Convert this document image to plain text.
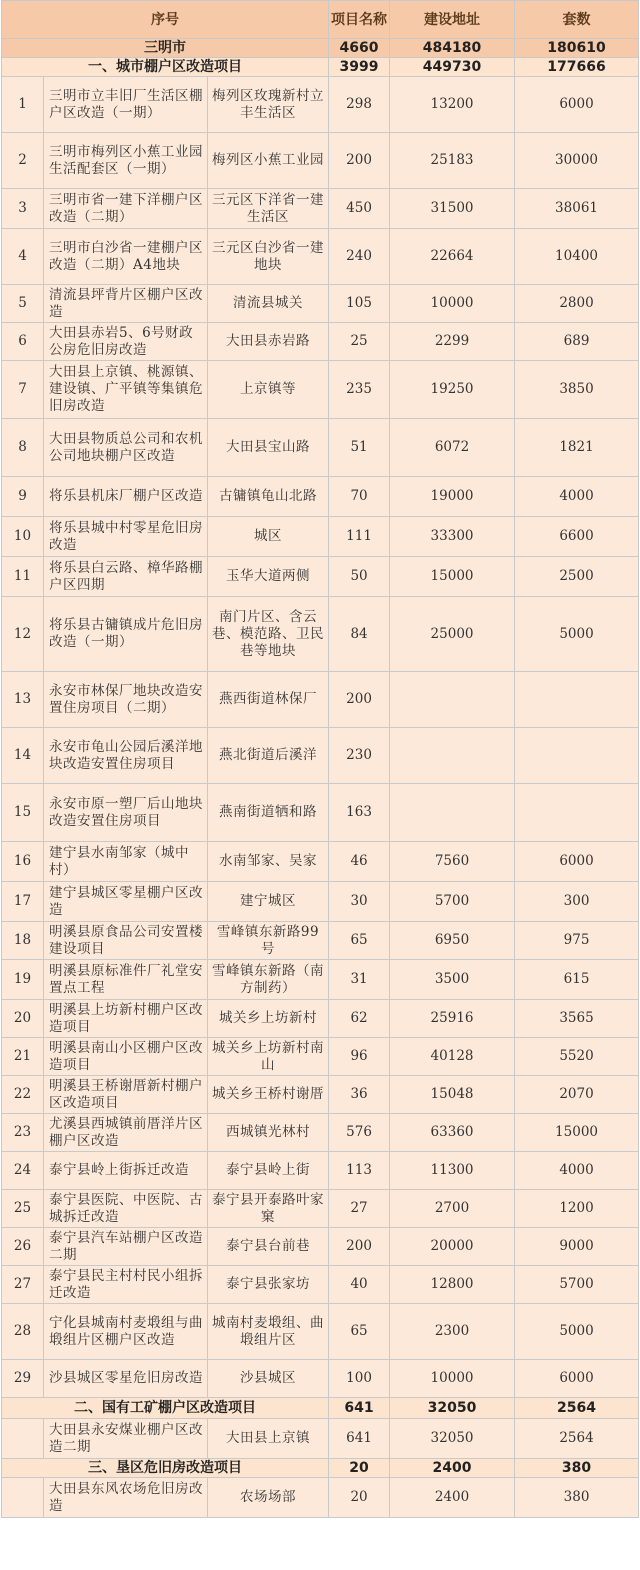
序号			项目名称	建设地址	套数
三明市			4660	484180	180610
一、城市棚户区改造项目			3999	449730	177666
1	三明市立丰旧厂生活区棚户区改造（一期）	梅列区玫瑰新村立丰生活区	298	13200	6000
2	三明市梅列区小蕉工业园生活配套区（一期）	梅列区小蕉工业园	200	25183	30000
3	三明市省一建下洋棚户区改造（二期）	三元区下洋省一建生活区	450	31500	38061
4	三明市白沙省一建棚户区改造（二期）A4地块	三元区白沙省一建地块	240	22664	10400
5	清流县坪背片区棚户区改造	清流县城关	105	10000	2800
6	大田县赤岩5、6号财政公房危旧房改造	大田县赤岩路	25	2299	689
7	大田县上京镇、桃源镇、建设镇、广平镇等集镇危旧房改造	上京镇等	235	19250	3850
8	大田县物质总公司和农机公司地块棚户区改造	大田县宝山路	51	6072	1821
9	将乐县机床厂棚户区改造	古镛镇龟山北路	70	19000	4000
10	将乐县城中村零星危旧房改造	城区	111	33300	6600
11	将乐县白云路、樟华路棚户区四期	玉华大道两侧	50	15000	2500
12	将乐县古镛镇成片危旧房改造（一期）	南门片区、含云巷、模范路、卫民巷等地块	84	25000	5000
13	永安市林保厂地块改造安置住房项目（二期）	燕西街道林保厂	200		
14	永安市龟山公园后溪洋地块改造安置住房项目	燕北街道后溪洋	230		
15	永安市原一塑厂后山地块改造安置住房项目	燕南街道牺和路	163		
16	建宁县水南邹家（城中村）	水南邹家、吴家	46	7560	6000
17	建宁县城区零星棚户区改造	建宁城区	30	5700	300
18	明溪县原食品公司安置楼建设项目	雪峰镇东新路99号	65	6950	975
19	明溪县原标准件厂礼堂安置点工程	雪峰镇东新路（南方制药）	31	3500	615
20	明溪县上坊新村棚户区改造项目	城关乡上坊新村	62	25916	3565
21	明溪县南山小区棚户区改造项目	城关乡上坊新村南山	96	40128	5520
22	明溪县王桥谢厝新村棚户区改造项目	城关乡王桥村谢厝	36	15048	2070
23	尤溪县西城镇前厝洋片区棚户区改造	西城镇光林村	576	63360	15000
24	泰宁县岭上街拆迁改造	泰宁县岭上街	113	11300	4000
25	泰宁县医院、中医院、古城拆迁改造	泰宁县开泰路叶家窠	27	2700	1200
26	泰宁县汽车站棚户区改造二期	泰宁县台前巷	200	20000	9000
27	泰宁县民主村村民小组拆迁改造	泰宁县张家坊	40	12800	5700
28	宁化县城南村麦塅组与曲塅组片区棚户区改造	城南村麦塅组、曲塅组片区	65	2300	5000
29	沙县城区零星危旧房改造	沙县城区	100	10000	6000
二、国有工矿棚户区改造项目			641	32050	2564
	大田县永安煤业棚户区改造二期	大田县上京镇	641	32050	2564
三、垦区危旧房改造项目			20	2400	380
	大田县东风农场危旧房改造	农场场部	20	2400	380
